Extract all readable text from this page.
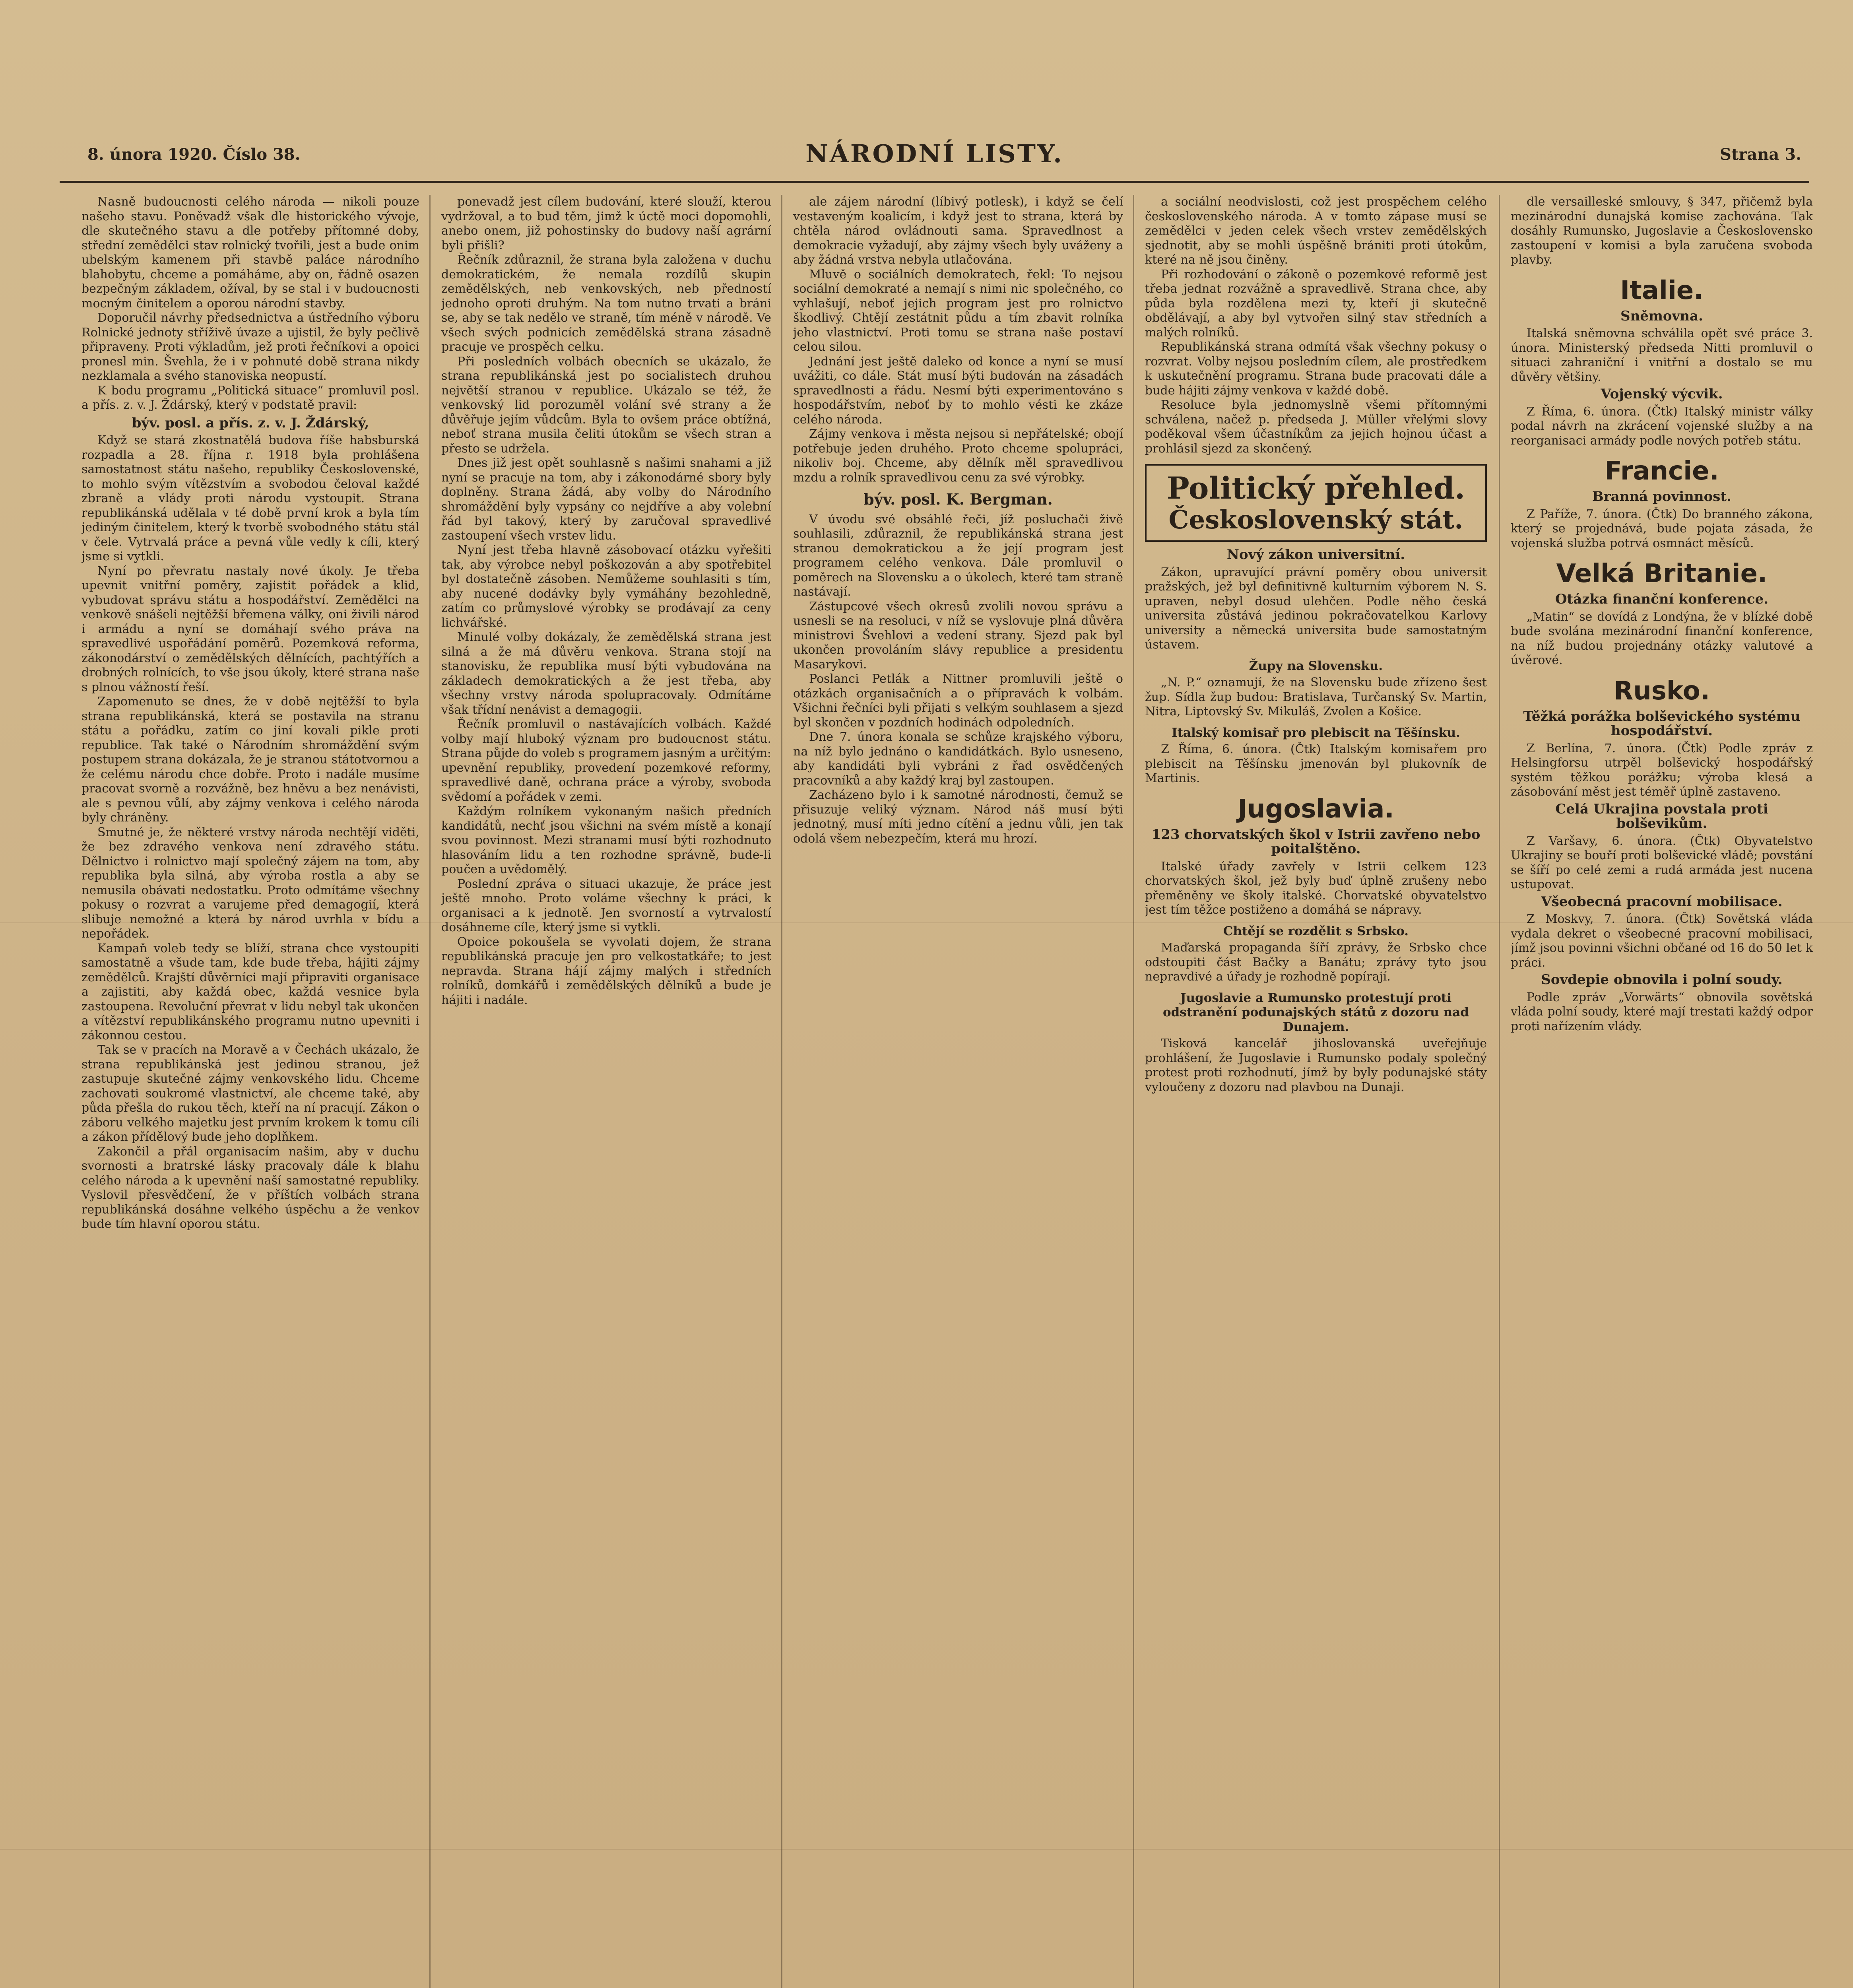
8. února 1920. Číslo 38.	NÁRODNÍ LISTY.	Strana 3.

Nasně budoucnosti celého národa — nikoli pouze našeho stavu. Poněvadž však dle historického vývoje, dle skutečného stavu a dle potřeby přítomné doby, střední zemědělci stav rolnický tvořili, jest a bude onim ubelským kamenem při stavbě paláce národního blahobytu, chceme a pomáháme, aby on, řádně osazen bezpečným základem, ožíval, by se stal i v budoucnosti mocným činitelem a oporou národní stavby.

Doporučil návrhy předsednictva a ústředního výboru Rolnické jednoty stříživě úvaze a ujistil, že byly pečlivě připraveny. Proti výkladům, jež proti řečníkovi a opoici pronesl min. Švehla, že i v pohnuté době strana nikdy nezklamala a svého stanoviska neopustí.

K bodu programu „Politická situace“ promluvil posl. a přís. z. v. J. Ždárský, který v podstatě pravil:

býv. posl. a přís. z. v. J. Ždárský,

Když se stará zkostnatělá budova říše habsburská rozpadla a 28. října r. 1918 byla prohlášena samostatnost státu našeho, republiky Československé, to mohlo svým vítězstvím a svobodou čeloval každé zbraně a vlády proti národu vystoupit. Strana republikánská udělala v té době první krok a byla tím jediným činitelem, který k tvorbě svobodného státu stál v čele. Vytrvalá práce a pevná vůle vedly k cíli, který jsme si vytkli.

Nyní po převratu nastaly nové úkoly. Je třeba upevnit vnitřní poměry, zajistit pořádek a klid, vybudovat správu státu a hospodářství. Zemědělci na venkově snášeli nejtěžší břemena války, oni živili národ i armádu a nyní se domáhají svého práva na spravedlivé uspořádání poměrů. Pozemková reforma, zákonodárství o zemědělských dělnících, pachtýřích a drobných rolnících, to vše jsou úkoly, které strana naše s plnou vážností řeší.

Zapomenuto se dnes, že v době nejtěžší to byla strana republikánská, která se postavila na stranu státu a pořádku, zatím co jiní kovali pikle proti republice. Tak také o Národním shromáždění svým postupem strana dokázala, že je stranou státotvornou a že celému národu chce dobře. Proto i nadále musíme pracovat svorně a rozvážně, bez hněvu a bez nenávisti, ale s pevnou vůlí, aby zájmy venkova i celého národa byly chráněny.

Smutné je, že některé vrstvy národa nechtějí viděti, že bez zdravého venkova není zdravého státu. Dělnictvo i rolnictvo mají společný zájem na tom, aby republika byla silná, aby výroba rostla a aby se nemusila obávati nedostatku. Proto odmítáme všechny pokusy o rozvrat a varujeme před demagogií, která slibuje nemožné a která by národ uvrhla v bídu a nepořádek.

Kampaň voleb tedy se blíží, strana chce vystoupiti samostatně a všude tam, kde bude třeba, hájiti zájmy zemědělců. Krajští důvěrníci mají připraviti organisace a zajistiti, aby každá obec, každá vesnice byla zastoupena. Revoluční převrat v lidu nebyl tak ukončen a vítězství republikánského programu nutno upevniti i zákonnou cestou.

Tak se v pracích na Moravě a v Čechách ukázalo, že strana republikánská jest jedinou stranou, jež zastupuje skutečné zájmy venkovského lidu. Chceme zachovati soukromé vlastnictví, ale chceme také, aby půda přešla do rukou těch, kteří na ní pracují. Zákon o záboru velkého majetku jest prvním krokem k tomu cíli a zákon přídělový bude jeho doplňkem.

Zakončil a přál organisacím našim, aby v duchu svornosti a bratrské lásky pracovaly dále k blahu celého národa a k upevnění naší samostatné republiky. Vyslovil přesvědčení, že v příštích volbách strana republikánská dosáhne velkého úspěchu a že venkov bude tím hlavní oporou státu.

ponevadž jest cílem budování, které slouží, kterou vydržoval, a to bud těm, jimž k úctě moci dopomohli, anebo onem, již pohostinsky do budovy naší agrární byli přišli?

Řečník zdůraznil, že strana byla založena v duchu demokratickém, že nemala rozdílů skupin zemědělských, neb venkovských, neb předností jednoho oproti druhým. Na tom nutno trvati a bráni se, aby se tak nedělo ve straně, tím méně v národě. Ve všech svých podnicích zemědělská strana zásadně pracuje ve prospěch celku.

Při posledních volbách obecních se ukázalo, že strana republikánská jest po socialistech druhou největší stranou v republice. Ukázalo se též, že venkovský lid porozuměl volání své strany a že důvěřuje jejím vůdcům. Byla to ovšem práce obtížná, neboť strana musila čeliti útokům se všech stran a přesto se udržela.

Dnes již jest opět souhlasně s našimi snahami a již nyní se pracuje na tom, aby i zákonodárné sbory byly doplněny. Strana žádá, aby volby do Národního shromáždění byly vypsány co nejdříve a aby volební řád byl takový, který by zaručoval spravedlivé zastoupení všech vrstev lidu.

Nyní jest třeba hlavně zásobovací otázku vyřešiti tak, aby výrobce nebyl poškozován a aby spotřebitel byl dostatečně zásoben. Nemůžeme souhlasiti s tím, aby nucené dodávky byly vymáhány bezohledně, zatím co průmyslové výrobky se prodávají za ceny lichvářské.

Minulé volby dokázaly, že zemědělská strana jest silná a že má důvěru venkova. Strana stojí na stanovisku, že republika musí býti vybudována na základech demokratických a že jest třeba, aby všechny vrstvy národa spolupracovaly. Odmítáme však třídní nenávist a demagogii.

Řečník promluvil o nastávajících volbách. Každé volby mají hluboký význam pro budoucnost státu. Strana půjde do voleb s programem jasným a určitým: upevnění republiky, provedení pozemkové reformy, spravedlivé daně, ochrana práce a výroby, svoboda svědomí a pořádek v zemi.

Každým rolníkem vykonaným našich předních kandidátů, nechť jsou všichni na svém místě a konají svou povinnost. Mezi stranami musí býti rozhodnuto hlasováním lidu a ten rozhodne správně, bude-li poučen a uvědomělý.

Poslední zpráva o situaci ukazuje, že práce jest ještě mnoho. Proto voláme všechny k práci, k organisaci a k jednotě. Jen svorností a vytrvalostí dosáhneme cíle, který jsme si vytkli.

Opoice pokoušela se vyvolati dojem, že strana republikánská pracuje jen pro velkostatkáře; to jest nepravda. Strana hájí zájmy malých i středních rolníků, domkářů i zemědělských dělníků a bude je hájiti i nadále.

ale zájem národní (líbivý potlesk), i když se čelí vestaveným koalicím, i když jest to strana, která by chtěla národ ovládnouti sama. Spravedlnost a demokracie vyžadují, aby zájmy všech byly uváženy a aby žádná vrstva nebyla utlačována.

Mluvě o sociálních demokratech, řekl: To nejsou sociální demokraté a nemají s nimi nic společného, co vyhlašují, neboť jejich program jest pro rolnictvo škodlivý. Chtějí zestátnit půdu a tím zbavit rolníka jeho vlastnictví. Proti tomu se strana naše postaví celou silou.

Jednání jest ještě daleko od konce a nyní se musí uvážiti, co dále. Stát musí býti budován na zásadách spravedlnosti a řádu. Nesmí býti experimentováno s hospodářstvím, neboť by to mohlo vésti ke zkáze celého národa.

Zájmy venkova i města nejsou si nepřátelské; obojí potřebuje jeden druhého. Proto chceme spolupráci, nikoliv boj. Chceme, aby dělník měl spravedlivou mzdu a rolník spravedlivou cenu za své výrobky.

býv. posl. K. Bergman.

V úvodu své obsáhlé řeči, jíž posluchači živě souhlasili, zdůraznil, že republikánská strana jest stranou demokratickou a že její program jest programem celého venkova. Dále promluvil o poměrech na Slovensku a o úkolech, které tam straně nastávají.

Zástupcové všech okresů zvolili novou správu a usnesli se na resoluci, v níž se vyslovuje plná důvěra ministrovi Švehlovi a vedení strany. Sjezd pak byl ukončen provoláním slávy republice a presidentu Masarykovi.

Poslanci Petlák a Nittner promluvili ještě o otázkách organisačních a o přípravách k volbám. Všichni řečníci byli přijati s velkým souhlasem a sjezd byl skončen v pozdních hodinách odpoledních.

Dne 7. února konala se schůze krajského výboru, na níž bylo jednáno o kandidátkách. Bylo usneseno, aby kandidáti byli vybráni z řad osvědčených pracovníků a aby každý kraj byl zastoupen.

Zacházeno bylo i k samotné národnosti, čemuž se přisuzuje veliký význam. Národ náš musí býti jednotný, musí míti jedno cítění a jednu vůli, jen tak odolá všem nebezpečím, která mu hrozí.

a sociální neodvislosti, což jest prospěchem celého československého národa. A v tomto zápase musí se zemědělci v jeden celek všech vrstev zemědělských sjednotit, aby se mohli úspěšně brániti proti útokům, které na ně jsou činěny.

Při rozhodování o zákoně o pozemkové reformě jest třeba jednat rozvážně a spravedlivě. Strana chce, aby půda byla rozdělena mezi ty, kteří ji skutečně obdělávají, a aby byl vytvořen silný stav středních a malých rolníků.

Republikánská strana odmítá však všechny pokusy o rozvrat. Volby nejsou posledním cílem, ale prostředkem k uskutečnění programu. Strana bude pracovati dále a bude hájiti zájmy venkova v každé době.

Resoluce byla jednomyslně všemi přítomnými schválena, načež p. předseda J. Müller vřelými slovy poděkoval všem účastníkům za jejich hojnou účast a prohlásil sjezd za skončený.

Politický přehled.
Československý stát.
Nový zákon universitní.

Zákon, upravující právní poměry obou universit pražských, jež byl definitivně kulturním výborem N. S. upraven, nebyl dosud ulehčen. Podle něho česká universita zůstává jedinou pokračovatelkou Karlovy university a německá universita bude samostatným ústavem.

Župy na Slovensku.

„N. P.“ oznamují, že na Slovensku bude zřízeno šest žup. Sídla žup budou: Bratislava, Turčanský Sv. Martin, Nitra, Liptovský Sv. Mikuláš, Zvolen a Košice.

Italský komisař pro plebiscit na Těšínsku.

Z Říma, 6. února. (Čtk) Italským komisařem pro plebiscit na Těšínsku jmenován byl plukovník de Martinis.

Jugoslavia.
123 chorvatských škol v Istrii zavřeno nebo poitalštěno.

Italské úřady zavřely v Istrii celkem 123 chorvatských škol, jež byly buď úplně zrušeny nebo přeměněny ve školy italské. Chorvatské obyvatelstvo jest tím těžce postiženo a domáhá se nápravy.

Chtějí se rozdělit s Srbsko.

Maďarská propaganda šíří zprávy, že Srbsko chce odstoupiti část Bačky a Banátu; zprávy tyto jsou nepravdivé a úřady je rozhodně popírají.

Jugoslavie a Rumunsko protestují proti odstranění podunajských států z dozoru nad Dunajem.

Tisková kancelář jihoslovanská uveřejňuje prohlášení, že Jugoslavie i Rumunsko podaly společný protest proti rozhodnutí, jímž by byly podunajské státy vyloučeny z dozoru nad plavbou na Dunaji.

dle versailleské smlouvy, § 347, přičemž byla mezinárodní dunajská komise zachována. Tak dosáhly Rumunsko, Jugoslavie a Československo zastoupení v komisi a byla zaručena svoboda plavby.

Italie.
Sněmovna.

Italská sněmovna schválila opět své práce 3. února. Ministerský předseda Nitti promluvil o situaci zahraniční i vnitřní a dostalo se mu důvěry většiny.

Vojenský výcvik.

Z Říma, 6. února. (Čtk) Italský ministr války podal návrh na zkrácení vojenské služby a na reorganisaci armády podle nových potřeb státu.

Francie.
Branná povinnost.

Z Paříže, 7. února. (Čtk) Do branného zákona, který se projednává, bude pojata zásada, že vojenská služba potrvá osmnáct měsíců.

Velká Britanie.
Otázka finanční konference.

„Matin“ se dovídá z Londýna, že v blízké době bude svolána mezinárodní finanční konference, na níž budou projednány otázky valutové a úvěrové.

Rusko.
Těžká porážka bolševického systému hospodářství.

Z Berlína, 7. února. (Čtk) Podle zpráv z Helsingforsu utrpěl bolševický hospodářský systém těžkou porážku; výroba klesá a zásobování měst jest téměř úplně zastaveno.

Celá Ukrajina povstala proti bolševikům.

Z Varšavy, 6. února. (Čtk) Obyvatelstvo Ukrajiny se bouří proti bolševické vládě; povstání se šíří po celé zemi a rudá armáda jest nucena ustupovat.

Všeobecná pracovní mobilisace.

Z Moskvy, 7. února. (Čtk) Sovětská vláda vydala dekret o všeobecné pracovní mobilisaci, jímž jsou povinni všichni občané od 16 do 50 let k práci.

Sovdepie obnovila i polní soudy.

Podle zpráv „Vorwärts“ obnovila sovětská vláda polní soudy, které mají trestati každý odpor proti nařízením vlády.
